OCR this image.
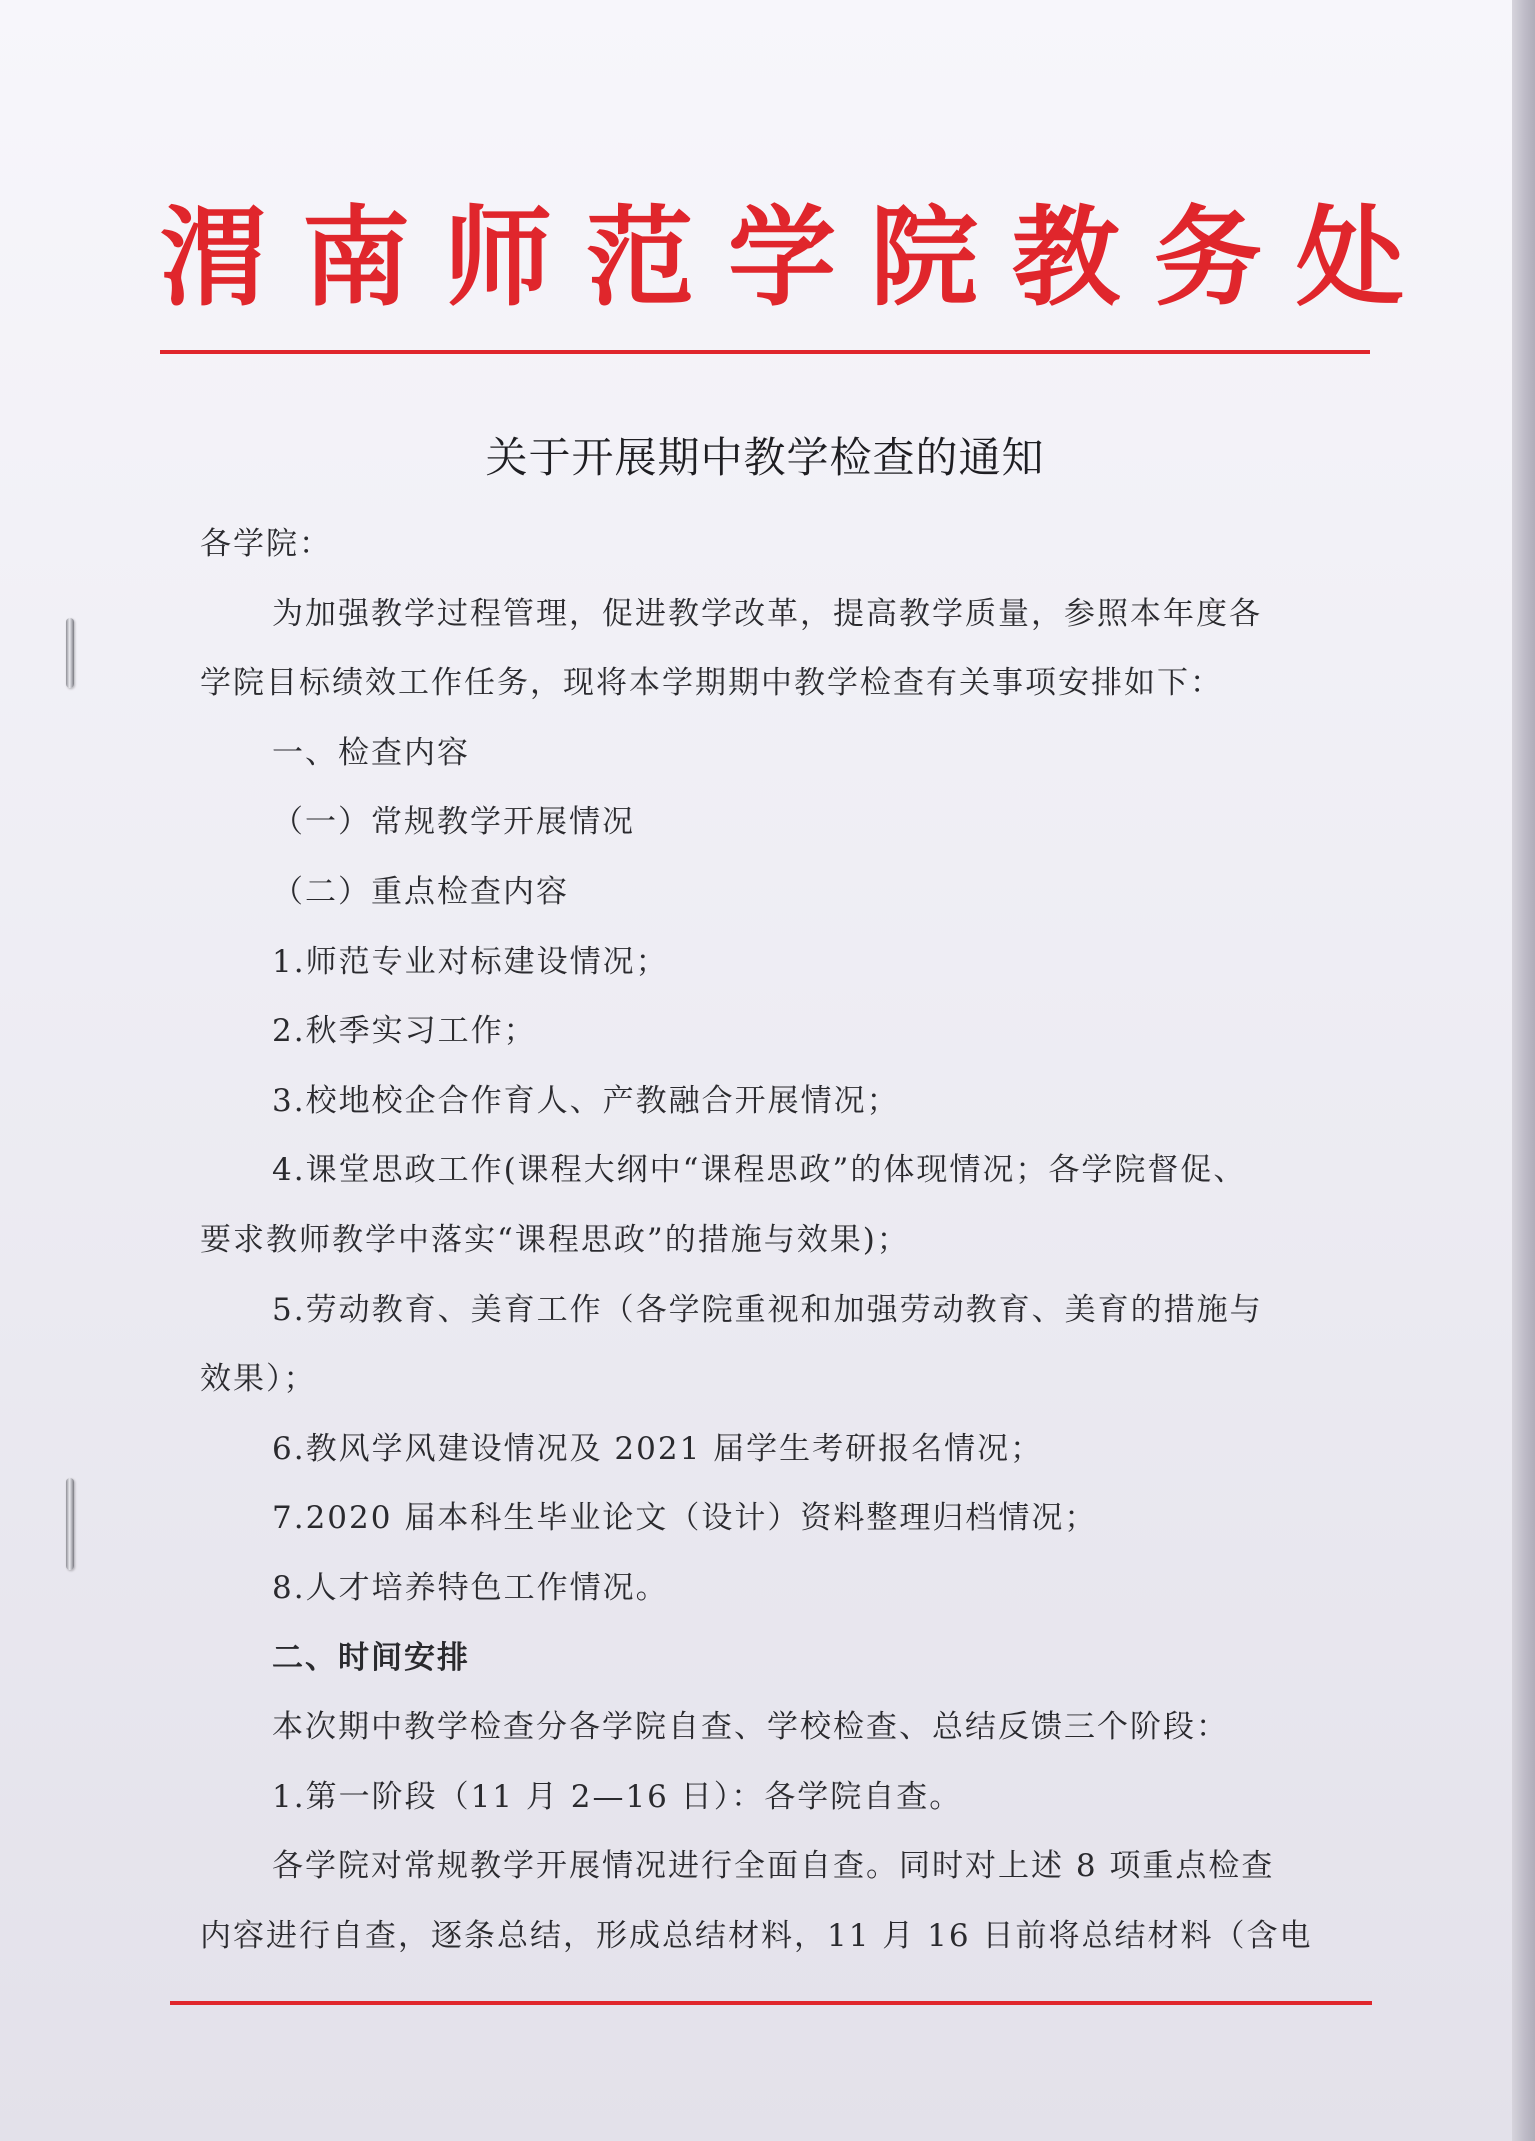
渭南师范学院教务处
关于开展期中教学检查的通知

各学院：

为加强教学过程管理，促进教学改革，提高教学质量，参照本年度各

学院目标绩效工作任务，现将本学期期中教学检查有关事项安排如下：

一、检查内容

（一）常规教学开展情况

（二）重点检查内容

1.师范专业对标建设情况；

2.秋季实习工作；

3.校地校企合作育人、产教融合开展情况；

4.课堂思政工作(课程大纲中“课程思政”的体现情况；各学院督促、

要求教师教学中落实“课程思政”的措施与效果)；

5.劳动教育、美育工作（各学院重视和加强劳动教育、美育的措施与

效果）；

6.教风学风建设情况及 2021 届学生考研报名情况；

7.2020 届本科生毕业论文（设计）资料整理归档情况；

8.人才培养特色工作情况。

二、时间安排

本次期中教学检查分各学院自查、学校检查、总结反馈三个阶段：

1.第一阶段（11 月 2—16 日）：各学院自查。

各学院对常规教学开展情况进行全面自查。同时对上述 8 项重点检查

内容进行自查，逐条总结，形成总结材料，11 月 16 日前将总结材料（含电
